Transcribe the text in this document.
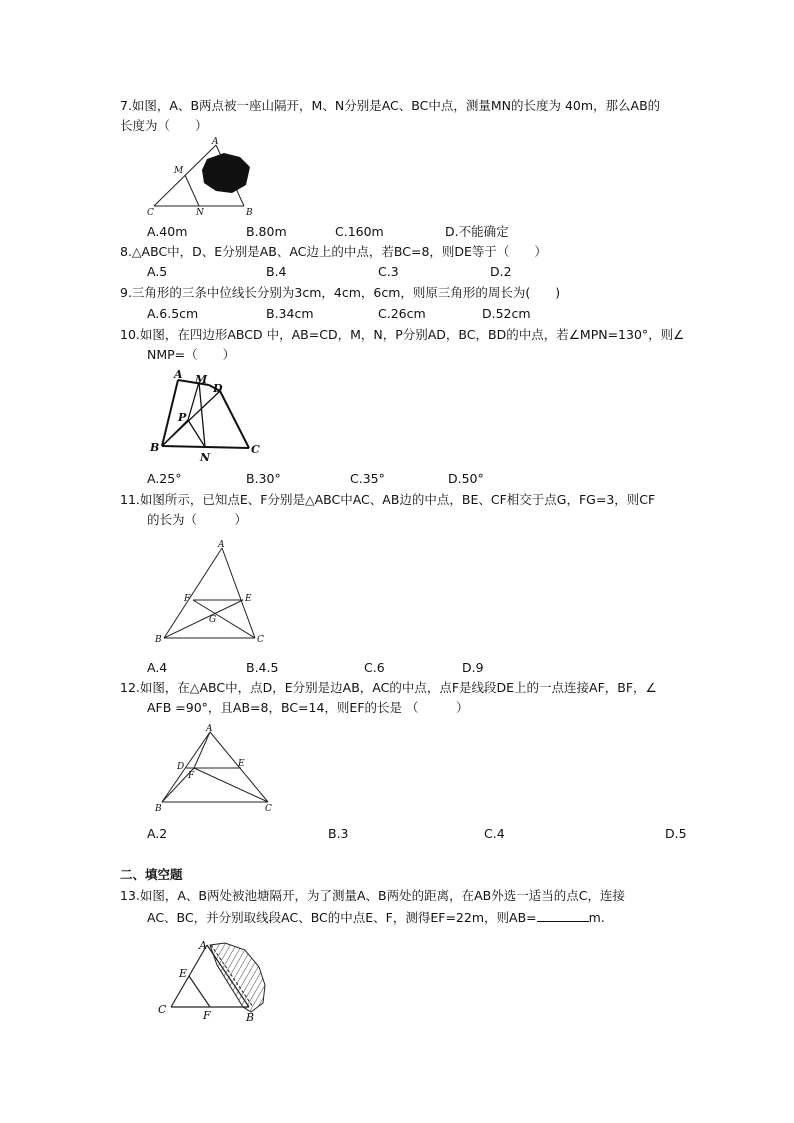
7.如图，A、B两点被一座山隔开，M、N分别是AC、BC中点，测量MN的长度为 40m，那么AB的
长度为（　　）
A
M
C	N	B
A.40m	B.80m	C.160m	D.不能确定
8.△ABC中，D、E分别是AB、AC边上的中点，若BC=8，则DE等于（　　）
A.5	B.4	C.3	D.2
9.三角形的三条中位线长分别为3cm，4cm，6cm，则原三角形的周长为(　　)
A.6.5cm	B.34cm	C.26cm	D.52cm
10.如图，在四边形ABCD 中，AB=CD，M，N，P分别AD，BC，BD的中点，若∠MPN=130°，则∠
NMP=（　　）
A M
D
P
B
N
C
A.25°	B.30°	C.35°	D.50°
11.如图所示，已知点E、F分别是△ABC中AC、AB边的中点，BE、CF相交于点G，FG=3，则CF
的长为（　　　）
A
F	E
G
B	C
A.4	B.4.5	C.6	D.9
12.如图，在△ABC中，点D，E分别是边AB，AC的中点，点F是线段DE上的一点连接AF，BF，∠
AFB =90°，且AB=8，BC=14，则EF的长是 （　　　）
A
D	E
F
B	C
A.2	B.3	C.4	D.5
二、填空题
13.如图，A、B两处被池塘隔开，为了测量A、B两处的距离，在AB外选一适当的点C，连接
AC、BC，并分别取线段AC、BC的中点E、F，测得EF=22m，则AB=	m.
A
E
C	F	B
